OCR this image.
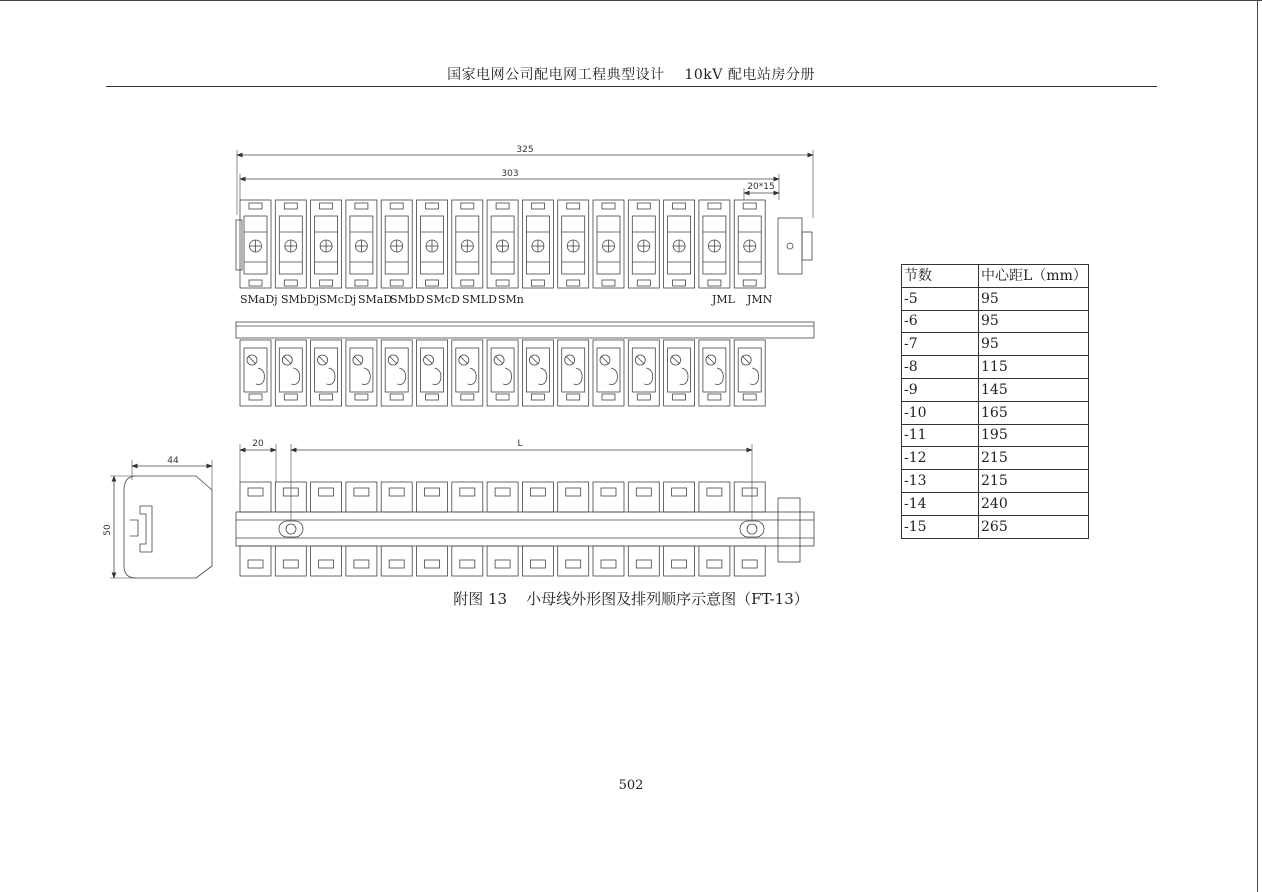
国家电网公司配电网工程典型设计    10kV 配电站房分册
SMaDj SMbDj SMcDj SMaD
SMbD SMcD SMLD SMn	JML JMN
325
303
20*15
44
50
20	L
节数	中心距L（mm）
-5	95
-6	95
-7	95
-8	115
-9	145
-10	165
-11	195
-12	215
-13	215
-14	240
-15	265
附图 13    小母线外形图及排列顺序示意图（FT-13）
502
